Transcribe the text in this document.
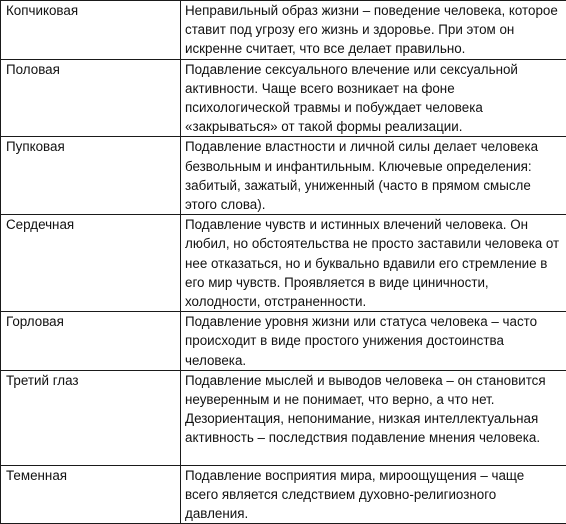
Копчиковая	Неправильный образ жизни – поведение человека, которое ставит под угрозу его жизнь и здоровье. При этом он искренне считает, что все делает правильно.
Половая	Подавление сексуального влечение или сексуальной активности. Чаще всего возникает на фоне психологической травмы и побуждает человека «закрываться» от такой формы реализации.
Пупковая	Подавление властности и личной силы делает человека безвольным и инфантильным. Ключевые определения: забитый, зажатый, униженный (часто в прямом смысле этого слова).
Сердечная	Подавление чувств и истинных влечений человека. Он любил, но обстоятельства не просто заставили человека от нее отказаться, но и буквально вдавили его стремление в его мир чувств. Проявляется в виде циничности, холодности, отстраненности.
Горловая	Подавление уровня жизни или статуса человека – часто происходит в виде простого унижения достоинства человека.
Третий глаз	Подавление мыслей и выводов человека – он становится неуверенным и не понимает, что верно, а что нет. Дезориентация, непонимание, низкая интеллектуальная активность – последствия подавление мнения человека.
Теменная	Подавление восприятия мира, мироощущения – чаще всего является следствием духовно-религиозного давления.
